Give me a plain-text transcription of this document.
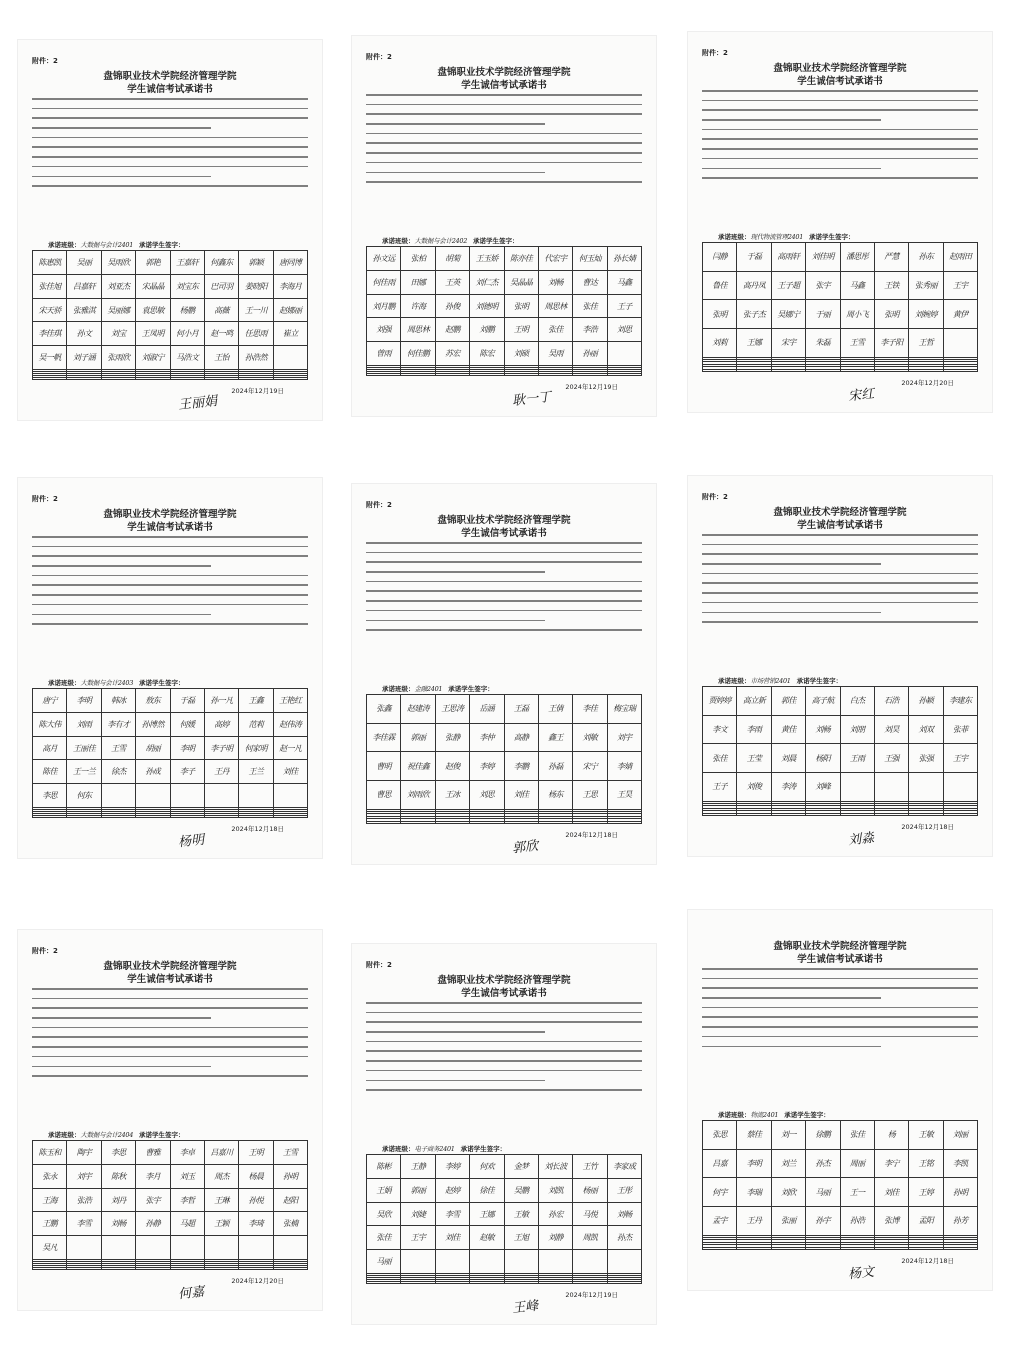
附件：2
盘锦职业技术学院经济管理学院
学生诚信考试承诺书
承诺班级：大数据与会计2401 承诺学生签字：
陈惠凯	吴丽	吴雨欣	郭艳	王嘉轩	何鑫东	郭颖	唐同博
张佳旭	吕嘉轩	刘亚杰	宋晶晶	刘宝东	巴司羽	姜晓阳	李海月
宋天骄	张雅淇	吴丽娜	袁思敏	杨鹏	高薇	王一川	赵娜丽
李佳琪	孙文	刘宝	王凤明	何小月	赵一鸣	任思雨	崔立
吴一帆	刘子涵	张雨欣	刘淑宁	马浩文	王怡	孙浩然	

2024年12月19日
王丽娟
附件：2
盘锦职业技术学院经济管理学院
学生诚信考试承诺书
承诺班级：大数据与会计2402 承诺学生签字：
孙文远	张柏	胡菊	王玉娇	陈亦佳	代宏宇	何玉灿	孙长婧
何佳雨	田娜	王英	刘仁杰	吴晶晶	刘畅	曹达	马鑫
刘月鹏	许海	孙俊	刘德明	张明	周思林	张佳	王子
刘强	周思林	赵鹏	刘鹏	王明	张佳	李浩	刘思
曾雨	何佳鹏	苏宏	陈宏	刘硕	吴雨	孙丽	

2024年12月19日
耿一丁
附件：2
盘锦职业技术学院经济管理学院
学生诚信考试承诺书
承诺班级：现代物流管理2401 承诺学生签字：
闫静	于磊	高雨轩	刘佳明	潘思彤	严慧	孙东	赵雨田
鲁佳	高丹凤	王子超	张宇	马鑫	王铁	张秀丽	王宇
张明	张子杰	吴娜宁	于丽	周小飞	张明	刘婉婷	黄伊
刘莉	王娜	宋宇	朱磊	王雪	李子阳	王哲	

2024年12月20日
宋红
附件：2
盘锦职业技术学院经济管理学院
学生诚信考试承诺书
承诺班级：大数据与会计2403 承诺学生签字：
唐宁	李明	韩冰	敖东	于磊	孙一凡	王鑫	王艳红
陈大伟	刘雨	李有才	孙博然	何媛	高婷	范莉	赵伟涛
高月	王丽佳	王雪	胡丽	李明	李子明	何家明	赵一凡
陈佳	王一兰	徐杰	孙成	李子	王丹	王兰	刘佳
李思	何东						

2024年12月18日
杨明
附件：2
盘锦职业技术学院经济管理学院
学生诚信考试承诺书
承诺班级：金融2401 承诺学生签字：
张鑫	赵建涛	王思涛	岳涵	王磊	王倩	李佳	梅宝瑞
李佳霖	郭丽	张静	李仲	高静	鑫王	刘敏	刘宇
曹明	祝佳鑫	赵俊	李婷	李鹏	孙磊	宋宁	李婧
曹思	刘雨欣	王冰	刘思	刘佳	杨东	王思	王昊

2024年12月18日
郭欣
附件：2
盘锦职业技术学院经济管理学院
学生诚信考试承诺书
承诺班级：市场营销2401 承诺学生签字：
贾婷婷	高立新	郭佳	高子航	白杰	石浩	孙颖	李建东
李文	李雨	黄佳	刘畅	刘朋	刘昊	刘双	张菲
张佳	王莹	刘晨	杨阳	王雨	王强	张强	王宇
王子	刘俊	李涛	刘峰				

2024年12月18日
刘淼
附件：2
盘锦职业技术学院经济管理学院
学生诚信考试承诺书
承诺班级：大数据与会计2404 承诺学生签字：
陈玉和	陶宇	李思	曹雅	李卓	吕嘉川	王明	王雪
张永	刘宇	陈秋	李月	刘玉	周杰	杨晨	孙明
王海	张浩	刘丹	张宇	李哲	王琳	孙悦	赵阳
王鹏	李雪	刘畅	孙静	马超	王颖	李琦	张楠
吴凡							

2024年12月20日
何嘉
附件：2
盘锦职业技术学院经济管理学院
学生诚信考试承诺书
承诺班级：电子商务2401 承诺学生签字：
陈彬	王静	李婷	何欢	金梦	刘长波	王竹	李家成
王娟	郭丽	赵婷	徐佳	吴鹏	刘凯	杨丽	王彤
吴欣	刘婕	李雪	王娜	王敏	孙宏	马悦	刘畅
张佳	王宇	刘佳	赵敏	王旭	刘静	周凯	孙杰
马丽							

2024年12月19日
王峰
盘锦职业技术学院经济管理学院
学生诚信考试承诺书
承诺班级：物流2401 承诺学生签字：
张思	蔡佳	刘一	徐鹏	张佳	杨	王敏	刘丽
吕嘉	李明	刘兰	孙杰	周丽	李宁	王铭	李凯
何宇	李瑞	刘欣	马丽	王一	刘佳	王婷	孙明
孟宇	王丹	张丽	孙宇	孙浩	张博	孟阳	孙芳

2024年12月18日
杨文
